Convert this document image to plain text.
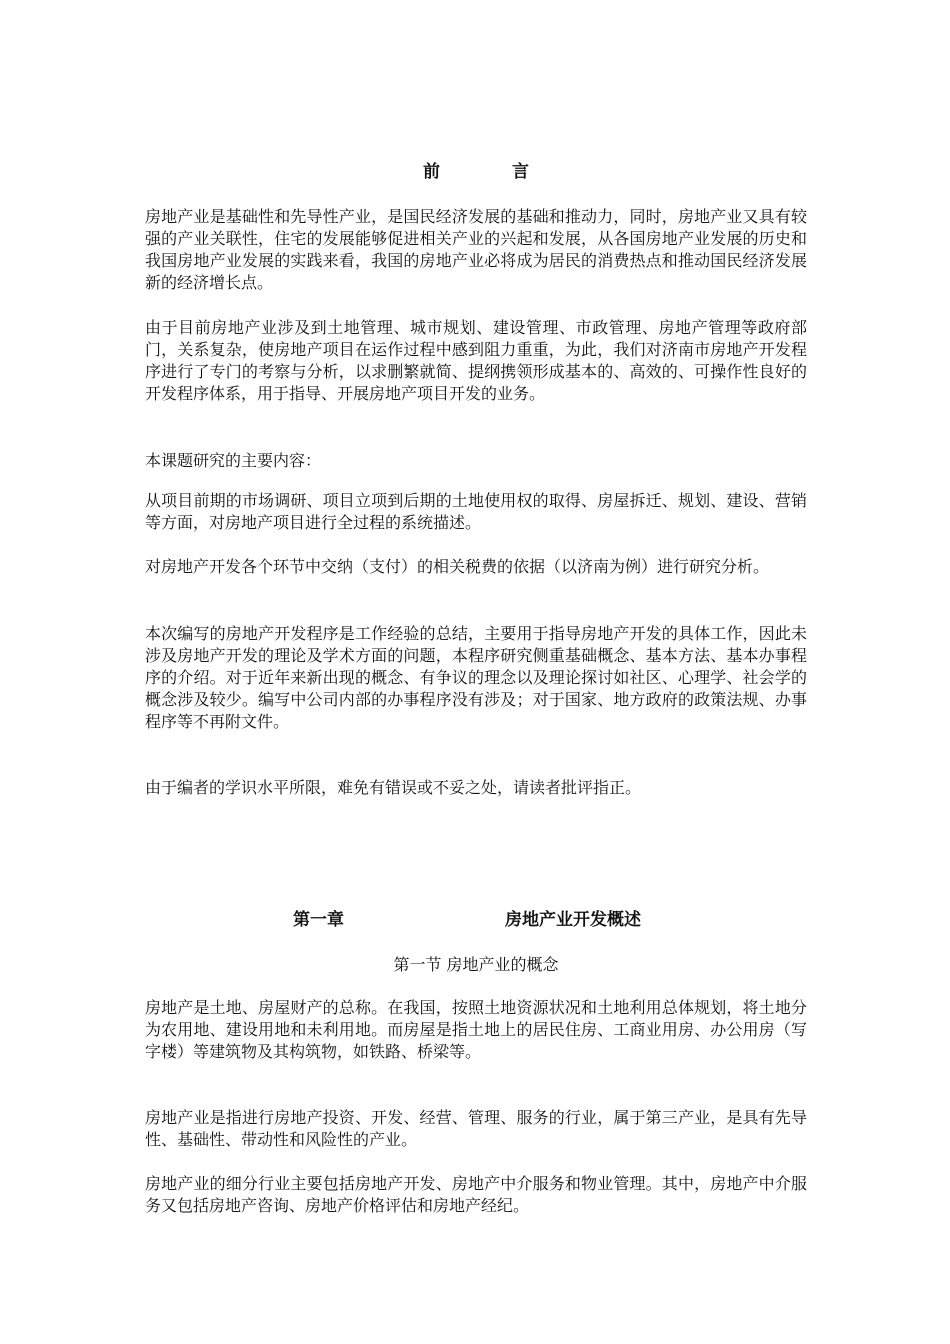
前	言

房地产业是基础性和先导性产业，是国民经济发展的基础和推动力，同时，房地产业又具有较强的产业关联性，住宅的发展能够促进相关产业的兴起和发展，从各国房地产业发展的历史和我国房地产业发展的实践来看，我国的房地产业必将成为居民的消费热点和推动国民经济发展新的经济增长点。

由于目前房地产业涉及到土地管理、城市规划、建设管理、市政管理、房地产管理等政府部门，关系复杂，使房地产项目在运作过程中感到阻力重重，为此，我们对济南市房地产开发程序进行了专门的考察与分析，以求删繁就简、提纲携领形成基本的、高效的、可操作性良好的开发程序体系，用于指导、开展房地产项目开发的业务。

本课题研究的主要内容：

从项目前期的市场调研、项目立项到后期的土地使用权的取得、房屋拆迁、规划、建设、营销等方面，对房地产项目进行全过程的系统描述。

对房地产开发各个环节中交纳（支付）的相关税费的依据（以济南为例）进行研究分析。

本次编写的房地产开发程序是工作经验的总结，主要用于指导房地产开发的具体工作，因此未涉及房地产开发的理论及学术方面的问题，本程序研究侧重基础概念、基本方法、基本办事程序的介绍。对于近年来新出现的概念、有争议的理念以及理论探讨如社区、心理学、社会学的概念涉及较少。编写中公司内部的办事程序没有涉及；对于国家、地方政府的政策法规、办事程序等不再附文件。

由于编者的学识水平所限，难免有错误或不妥之处，请读者批评指正。

第一章	房地产业开发概述
第一节 房地产业的概念

房地产是土地、房屋财产的总称。在我国，按照土地资源状况和土地利用总体规划，将土地分为农用地、建设用地和未利用地。而房屋是指土地上的居民住房、工商业用房、办公用房（写字楼）等建筑物及其构筑物，如铁路、桥梁等。

房地产业是指进行房地产投资、开发、经营、管理、服务的行业，属于第三产业，是具有先导性、基础性、带动性和风险性的产业。

房地产业的细分行业主要包括房地产开发、房地产中介服务和物业管理。其中，房地产中介服务又包括房地产咨询、房地产价格评估和房地产经纪。
